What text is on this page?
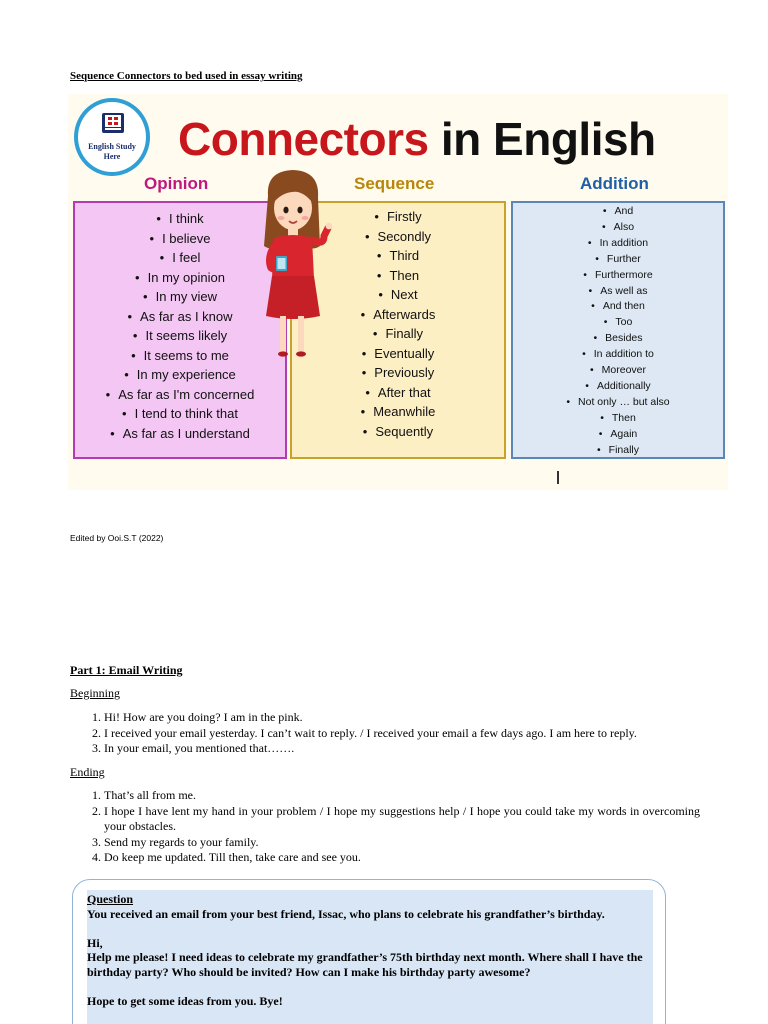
Sequence Connectors to bed used in essay writing
English Study
Here	Connectors in English
Opinion	Sequence	Addition
• I think
• I believe
• I feel
• In my opinion
• In my view
• As far as I know
• It seems likely
• It seems to me
• In my experience
• As far as I'm concerned
• I tend to think that
• As far as I understand
• Firstly
• Secondly
• Third
• Then
• Next
• Afterwards
• Finally
• Eventually
• Previously
• After that
• Meanwhile
• Sequently
• And
• Also
• In addition
• Further
• Furthermore
• As well as
• And then
• Too
• Besides
• In addition to
• Moreover
• Additionally
• Not only … but also
• Then
• Again
• Finally
Edited by Ooi.S.T (2022)
Part 1: Email Writing
Beginning
1. Hi! How are you doing? I am in the pink.
2. I received your email yesterday. I can’t wait to reply. / I received your email a few days ago. I am here to reply.
3. In your email, you mentioned that…….
Ending
1. That’s all from me.
2. I hope I have lent my hand in your problem / I hope my suggestions help / I hope you could take my words in overcoming your obstacles.
3. Send my regards to your family.
4. Do keep me updated. Till then, take care and see you.

Question

You received an email from your best friend, Issac, who plans to celebrate his grandfather’s birthday.

Hi,

Help me please! I need ideas to celebrate my grandfather’s 75th birthday next month. Where shall I have the birthday party? Who should be invited? How can I make his birthday party awesome?

Hope to get some ideas from you. Bye!
